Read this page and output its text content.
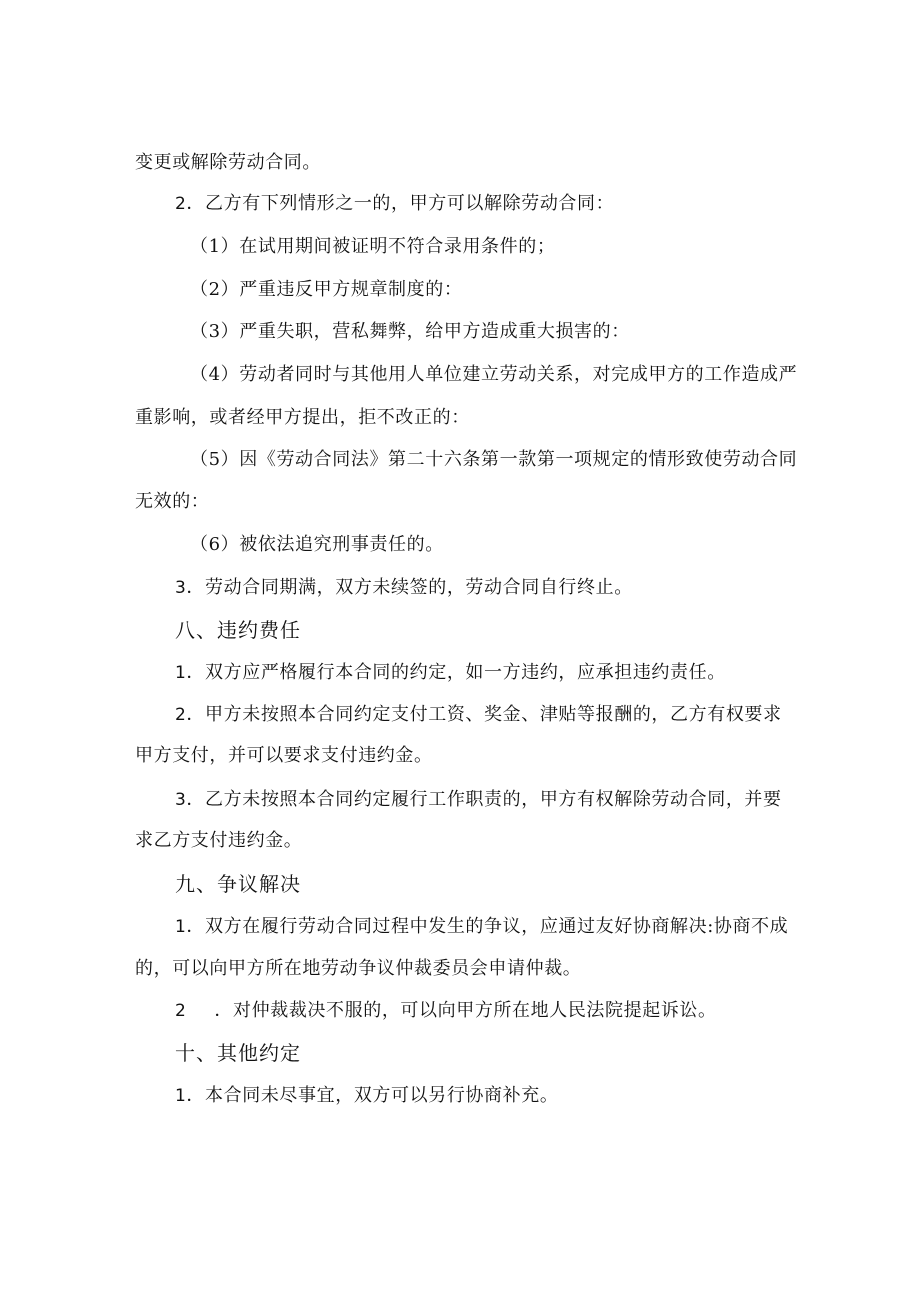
变更或解除劳动合同。
2．乙方有下列情形之一的，甲方可以解除劳动合同：
（1）在试用期间被证明不符合录用条件的；
（2）严重违反甲方规章制度的：
（3）严重失职，营私舞弊，给甲方造成重大损害的：
（4）劳动者同时与其他用人单位建立劳动关系，对完成甲方的工作造成严
重影响，或者经甲方提出，拒不改正的：
（5）因《劳动合同法》第二十六条第一款第一项规定的情形致使劳动合同
无效的：
（6）被依法追究刑事责任的。
3．劳动合同期满，双方未续签的，劳动合同自行终止。
八、违约费任
1．双方应严格履行本合同的约定，如一方违约，应承担违约责任。
2．甲方未按照本合同约定支付工资、奖金、津贴等报酬的，乙方有权要求
甲方支付，并可以要求支付违约金。
3．乙方未按照本合同约定履行工作职责的，甲方有权解除劳动合同，并要
求乙方支付违约金。
九、争议解决
1．双方在履行劳动合同过程中发生的争议，应通过友好协商解决:协商不成
的，可以向甲方所在地劳动争议仲裁委员会申请仲裁。
2 ．对仲裁裁决不服的，可以向甲方所在地人民法院提起诉讼。
十、其他约定
1．本合同未尽事宜，双方可以另行协商补充。
